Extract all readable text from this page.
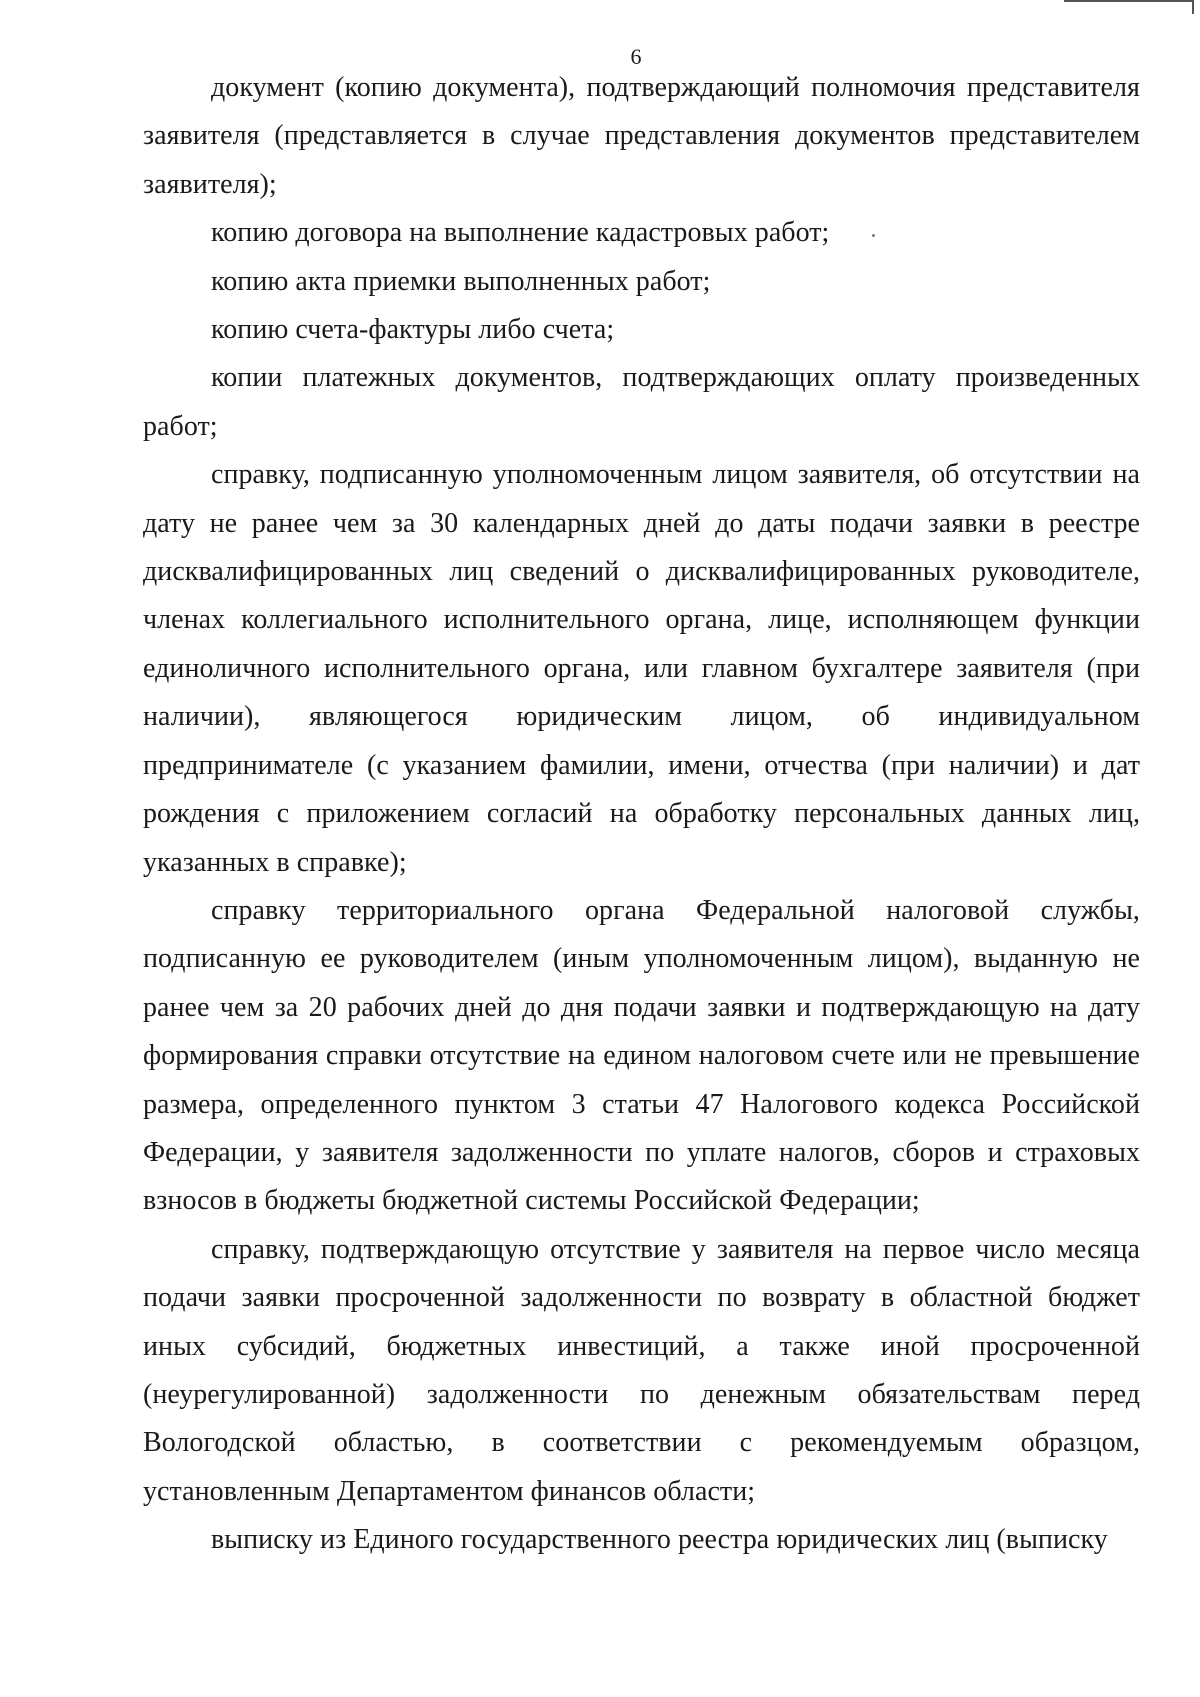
6

документ (копию документа), подтверждающий полномочия представителя заявителя (представляется в случае представления документов представителем заявителя);

копию договора на выполнение кадастровых работ;

копию акта приемки выполненных работ;

копию счета-фактуры либо счета;

копии платежных документов, подтверждающих оплату произведенных работ;

справку, подписанную уполномоченным лицом заявителя, об отсутствии на дату не ранее чем за 30 календарных дней до даты подачи заявки в реестре дисквалифицированных лиц сведений о дисквалифицированных руководителе, членах коллегиального исполнительного органа, лице, исполняющем функции единоличного исполнительного органа, или главном бухгалтере заявителя (при наличии), являющегося юридическим лицом, об индивидуальном предпринимателе (с указанием фамилии, имени, отчества (при наличии) и дат рождения с приложением согласий на обработку персональных данных лиц, указанных в справке);

справку территориального органа Федеральной налоговой службы, подписанную ее руководителем (иным уполномоченным лицом), выданную не ранее чем за 20 рабочих дней до дня подачи заявки и подтверждающую на дату формирования справки отсутствие на едином налоговом счете или не превышение размера, определенного пунктом 3 статьи 47 Налогового кодекса Российской Федерации, у заявителя задолженности по уплате налогов, сборов и страховых взносов в бюджеты бюджетной системы Российской Федерации;

справку, подтверждающую отсутствие у заявителя на первое число месяца подачи заявки просроченной задолженности по возврату в областной бюджет иных субсидий, бюджетных инвестиций, а также иной просроченной (неурегулированной) задолженности по денежным обязательствам перед Вологодской областью, в соответствии с рекомендуемым образцом, установленным Департаментом финансов области;

выписку из Единого государственного реестра юридических лиц (выписку
